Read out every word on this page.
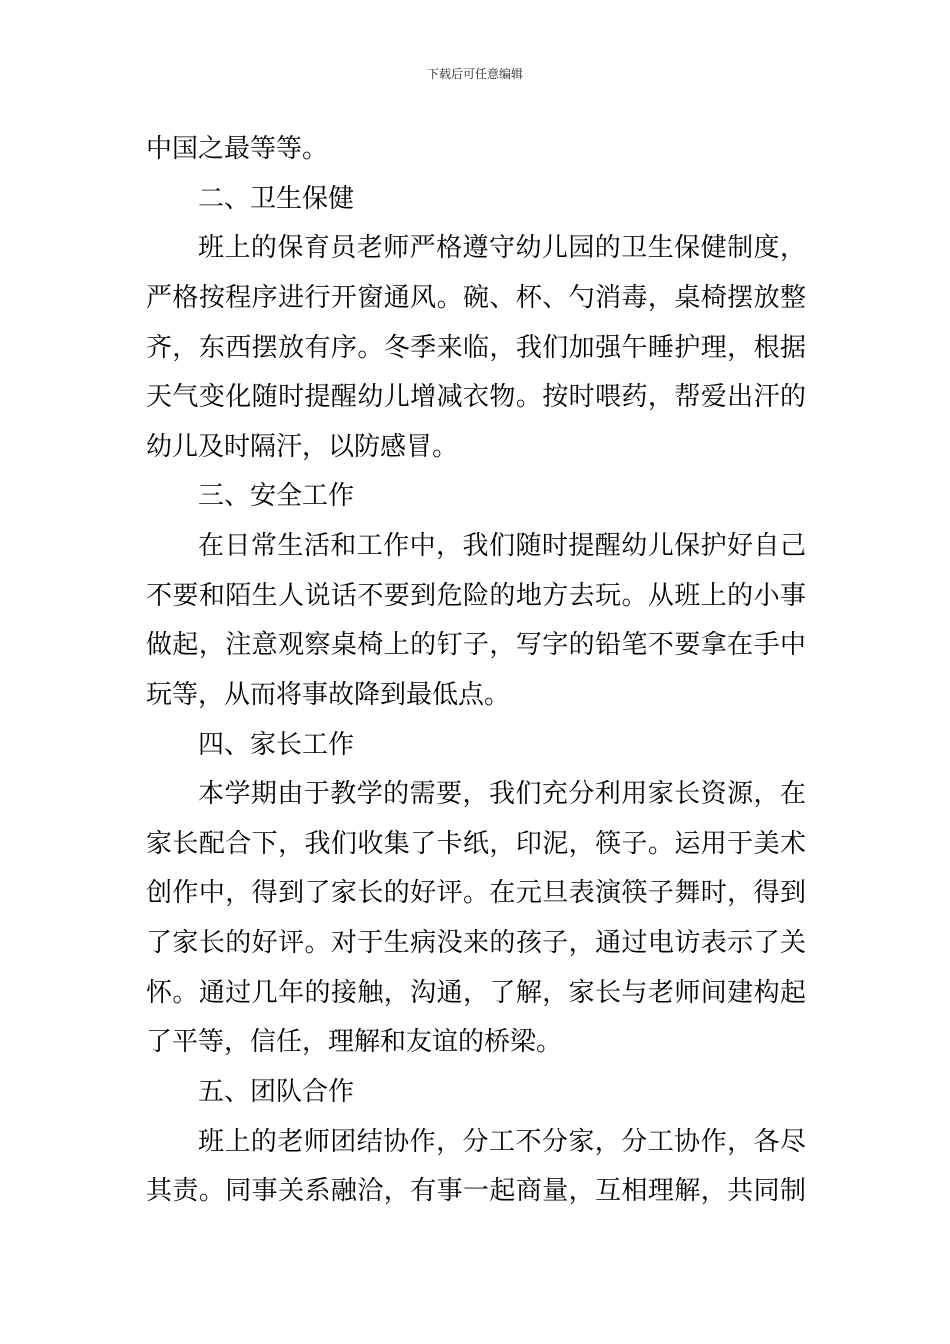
下载后可任意编辑
中国之最等等。
二、卫生保健
班上的保育员老师严格遵守幼儿园的卫生保健制度，
严格按程序进行开窗通风。碗、杯、勺消毒，桌椅摆放整
齐，东西摆放有序。冬季来临，我们加强午睡护理，根据
天气变化随时提醒幼儿增减衣物。按时喂药，帮爱出汗的
幼儿及时隔汗，以防感冒。
三、安全工作
在日常生活和工作中，我们随时提醒幼儿保护好自己
不要和陌生人说话不要到危险的地方去玩。从班上的小事
做起，注意观察桌椅上的钉子，写字的铅笔不要拿在手中
玩等，从而将事故降到最低点。
四、家长工作
本学期由于教学的需要，我们充分利用家长资源，在
家长配合下，我们收集了卡纸，印泥，筷子。运用于美术
创作中，得到了家长的好评。在元旦表演筷子舞时，得到
了家长的好评。对于生病没来的孩子，通过电访表示了关
怀。通过几年的接触，沟通，了解，家长与老师间建构起
了平等，信任，理解和友谊的桥梁。
五、团队合作
班上的老师团结协作，分工不分家，分工协作，各尽
其责。同事关系融洽，有事一起商量，互相理解，共同制
